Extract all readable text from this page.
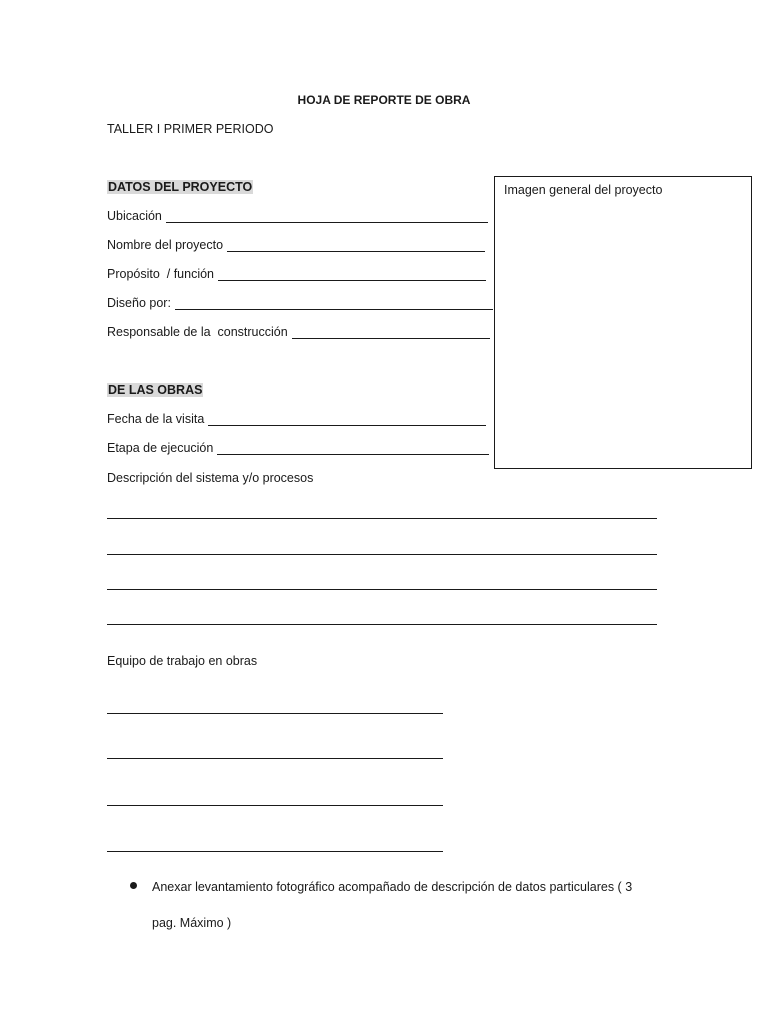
HOJA DE REPORTE DE OBRA
TALLER I PRIMER PERIODO
DATOS DEL PROYECTO
Ubicación
Nombre del proyecto
Propósito  / función
Diseño por:
Responsable de la  construcción
Imagen general del proyecto
DE LAS OBRAS
Fecha de la visita
Etapa de ejecución
Descripción del sistema y/o procesos
Equipo de trabajo en obras
Anexar levantamiento fotográfico acompañado de descripción de datos particulares ( 3
pag. Máximo )
